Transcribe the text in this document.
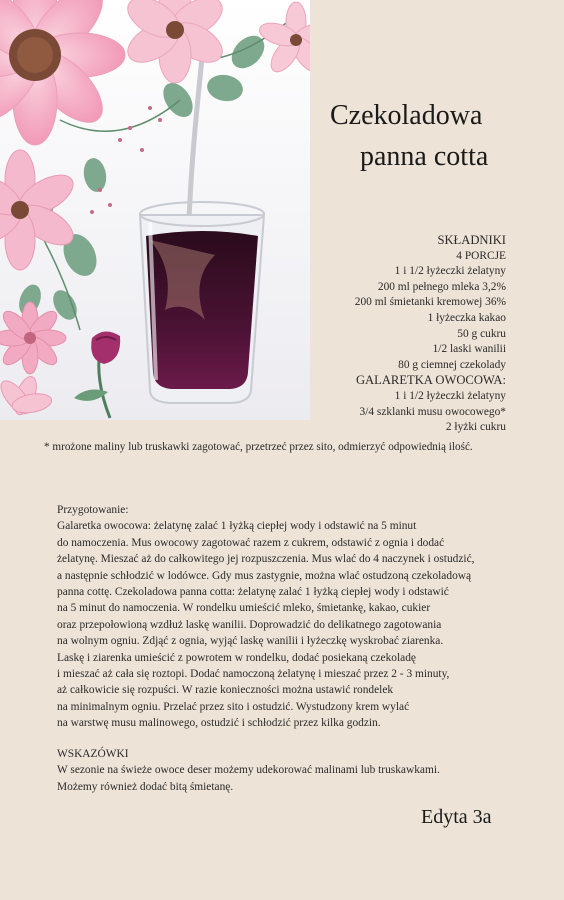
Czekoladowa
panna cotta
SKŁADNIKI
4 PORCJE
1 i 1/2 łyżeczki żelatyny
200 ml pełnego mleka 3,2%
200 ml śmietanki kremowej 36%
1 łyżeczka kakao
50 g cukru
1/2 laski wanilii
80 g ciemnej czekolady
GALARETKA OWOCOWA:
1 i 1/2 łyżeczki żelatyny
3/4 szklanki musu owocowego*
2 łyżki cukru
* mrożone maliny lub truskawki zagotować, przetrzeć przez sito, odmierzyć odpowiednią ilość.
Przygotowanie:
Galaretka owocowa: żelatynę zalać 1 łyżką ciepłej wody i odstawić na 5 minut
do namoczenia. Mus owocowy zagotować razem z cukrem, odstawić z ognia i dodać
żelatynę. Mieszać aż do całkowitego jej rozpuszczenia. Mus wlać do 4 naczynek i ostudzić,
a następnie schłodzić w lodówce. Gdy mus zastygnie, można wlać ostudzoną czekoladową
panna cottę. Czekoladowa panna cotta: żelatynę zalać 1 łyżką ciepłej wody i odstawić
na 5 minut do namoczenia. W rondelku umieścić mleko, śmietankę, kakao, cukier
oraz przepołowioną wzdłuż laskę wanilii. Doprowadzić do delikatnego zagotowania
na wolnym ogniu. Zdjąć z ognia, wyjąć laskę wanilii i łyżeczkę wyskrobać ziarenka.
Laskę i ziarenka umieścić z powrotem w rondelku, dodać posiekaną czekoladę
i mieszać aż cała się roztopi. Dodać namoczoną żelatynę i mieszać przez 2 - 3 minuty,
aż całkowicie się rozpuści. W razie konieczności można ustawić rondelek
na minimalnym ogniu. Przelać przez sito i ostudzić. Wystudzony krem wylać
na warstwę musu malinowego, ostudzić i schłodzić przez kilka godzin.
WSKAZÓWKI
W sezonie na świeże owoce deser możemy udekorować malinami lub truskawkami.
Możemy również dodać bitą śmietanę.
Edyta 3a
